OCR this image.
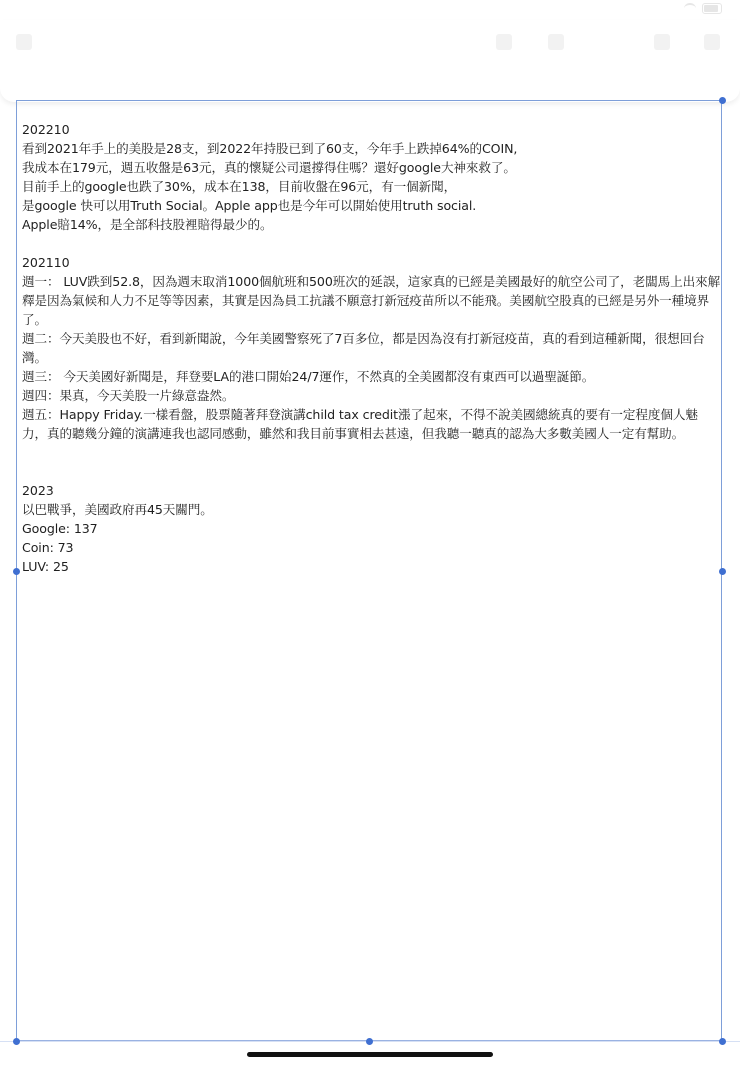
202210

看到2021年手上的美股是28支，到2022年持股已到了60支，今年手上跌掉64%的COIN,

我成本在179元，週五收盤是63元，真的懷疑公司還撐得住嗎？還好google大神來救了。

目前手上的google也跌了30%，成本在138，目前收盤在96元，有一個新聞，

是google 快可以用Truth Social。Apple app也是今年可以開始使用truth social.

Apple賠14%，是全部科技股裡賠得最少的。

202110

週一： LUV跌到52.8，因為週末取消1000個航班和500班次的延誤，這家真的已經是美國最好的航空公司了，老闆馬上出來解釋是因為氣候和人力不足等等因素，其實是因為員工抗議不願意打新冠疫苗所以不能飛。美國航空股真的已經是另外一種境界了。

週二：今天美股也不好，看到新聞說，今年美國警察死了7百多位，都是因為沒有打新冠疫苗，真的看到這種新聞，很想回台灣。

週三： 今天美國好新聞是，拜登要LA的港口開始24/7運作，不然真的全美國都沒有東西可以過聖誕節。

週四：果真，今天美股一片綠意盎然。

週五：Happy Friday.一樣看盤，股票隨著拜登演講child tax credit漲了起來，不得不說美國總統真的要有一定程度個人魅力，真的聽幾分鐘的演講連我也認同感動，雖然和我目前事實相去甚遠，但我聽一聽真的認為大多數美國人一定有幫助。

2023

以巴戰爭，美國政府再45天關門。

Google: 137

Coin: 73

LUV: 25
